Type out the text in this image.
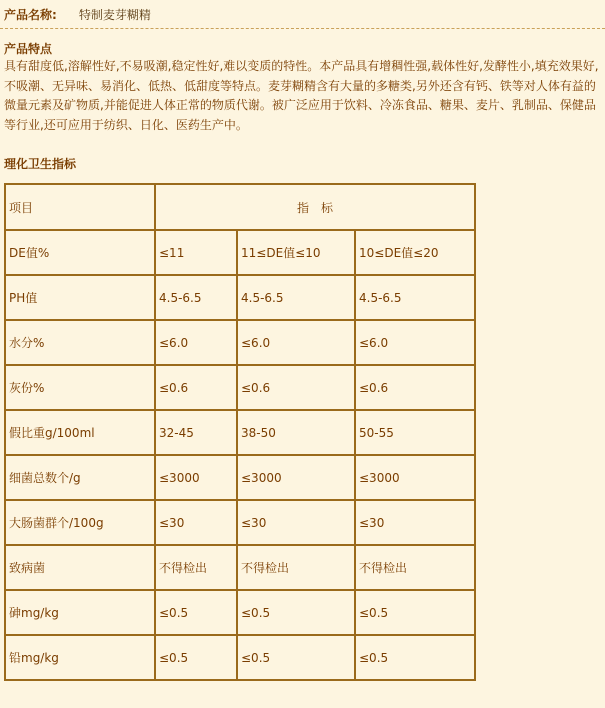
产品名称: 特制麦芽糊精
产品特点
具有甜度低,溶解性好,不易吸潮,稳定性好,难以变质的特性。本产品具有增稠性强,载体性好,发酵性小,填充效果好,不吸潮、无异味、易消化、低热、低甜度等特点。麦芽糊精含有大量的多糖类,另外还含有钙、铁等对人体有益的微量元素及矿物质,并能促进人体正常的物质代谢。被广泛应用于饮料、冷冻食品、糖果、麦片、乳制品、保健品等行业,还可应用于纺织、日化、医药生产中。
理化卫生指标
项目	指　标		
DE值%	≤11	11≤DE值≤10	10≤DE值≤20
PH值	4.5-6.5	4.5-6.5	4.5-6.5
水分%	≤6.0	≤6.0	≤6.0
灰份%	≤0.6	≤0.6	≤0.6
假比重g/100ml	32-45	38-50	50-55
细菌总数个/g	≤3000	≤3000	≤3000
大肠菌群个/100g	≤30	≤30	≤30
致病菌	不得检出	不得检出	不得检出
砷mg/kg	≤0.5	≤0.5	≤0.5
铅mg/kg	≤0.5	≤0.5	≤0.5
